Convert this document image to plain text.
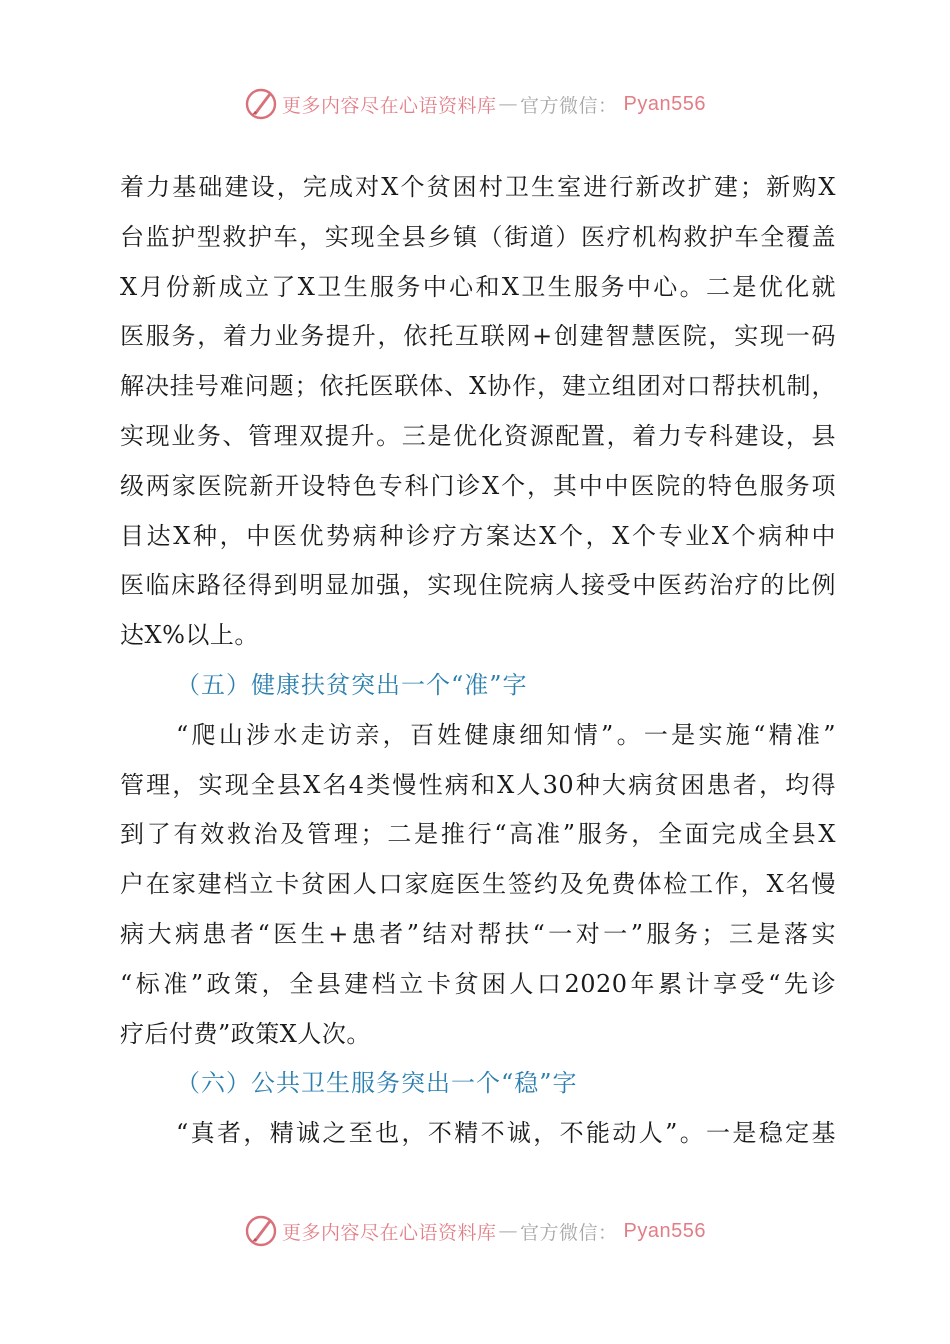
更多内容尽在心语资料库 — 官方微信： Pyan556
着力基础建设，完成对X个贫困村卫生室进行新改扩建；新购X
台监护型救护车，实现全县乡镇（街道）医疗机构救护车全覆盖
X月份新成立了X卫生服务中心和X卫生服务中心。二是优化就
医服务，着力业务提升，依托互联网+创建智慧医院，实现一码
解决挂号难问题；依托医联体、X协作，建立组团对口帮扶机制，
实现业务、管理双提升。三是优化资源配置，着力专科建设，县
级两家医院新开设特色专科门诊X个，其中中医院的特色服务项
目达X种，中医优势病种诊疗方案达X个，X个专业X个病种中
医临床路径得到明显加强，实现住院病人接受中医药治疗的比例
达X%以上。
（五）健康扶贫突出一个“准”字
“爬山涉水走访亲，百姓健康细知情”。一是实施“精准”
管理，实现全县X名4类慢性病和X人30种大病贫困患者，均得
到了有效救治及管理；二是推行“高准”服务，全面完成全县X
户在家建档立卡贫困人口家庭医生签约及免费体检工作，X名慢
病大病患者“医生+患者”结对帮扶“一对一”服务；三是落实
“标准”政策，全县建档立卡贫困人口2020年累计享受“先诊
疗后付费”政策X人次。
（六）公共卫生服务突出一个“稳”字
“真者，精诚之至也，不精不诚，不能动人”。一是稳定基
更多内容尽在心语资料库 — 官方微信： Pyan556
